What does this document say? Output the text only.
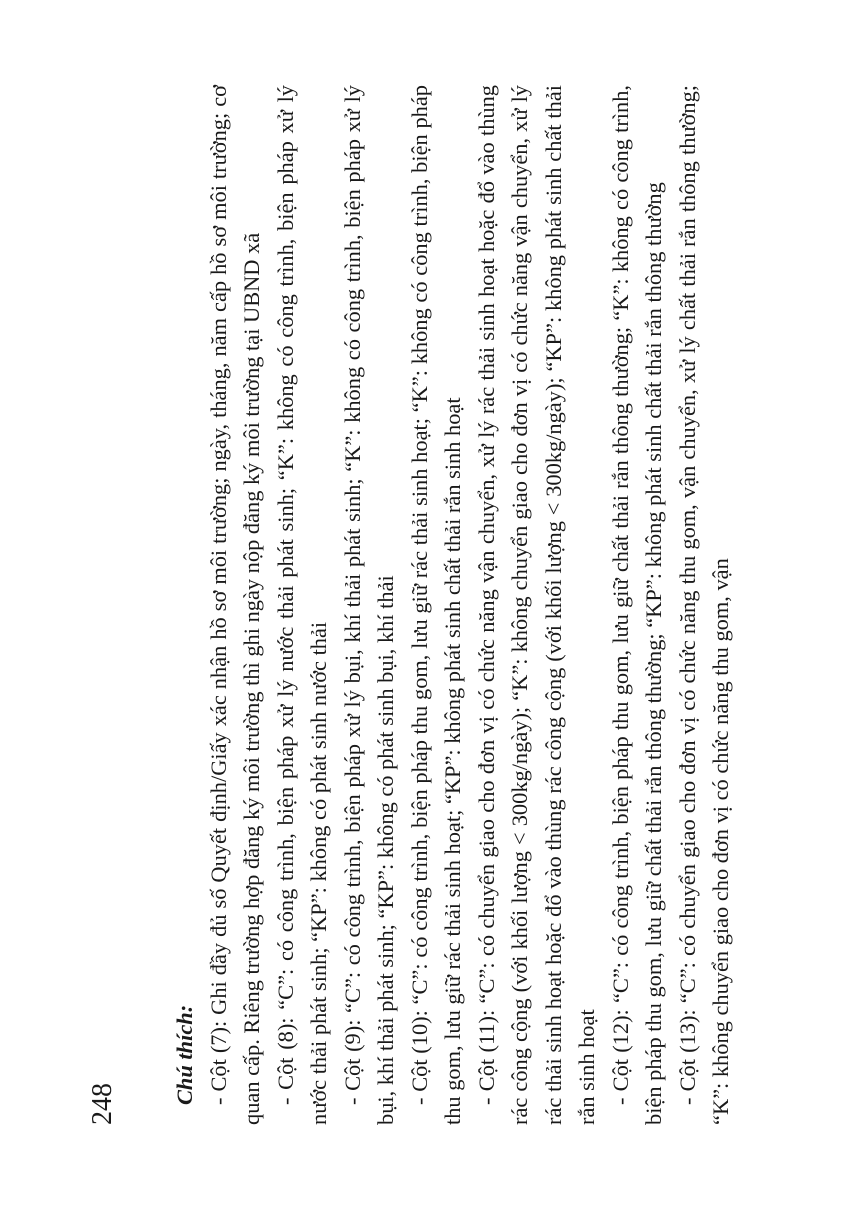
248 Chú thích: - Cột (7): Ghi đầy đủ số Quyết định/Giấy xác nhận hồ sơ môi trường; ngày, tháng, năm cấp hồ sơ môi trường; cơ quan cấp. Riêng trường hợp đăng ký môi trường thì ghi ngày nộp đăng ký môi trường tại UBND xã - Cột (8): “C”: có công trình, biện pháp xử lý nước thải phát sinh; “K”: không có công trình, biện pháp xử lý nước thải phát sinh; “KP”: không có phát sinh nước thải - Cột (9): “C”: có công trình, biện pháp xử lý bụi, khí thải phát sinh; “K”: không có công trình, biện pháp xử lý bụi, khí thải phát sinh; “KP”: không có phát sinh bụi, khí thải - Cột (10): “C”: có công trình, biện pháp thu gom, lưu giữ rác thải sinh hoạt; “K”: không có công trình, biện pháp thu gom, lưu giữ rác thải sinh hoạt; “KP”: không phát sinh chất thải rắn sinh hoạt - Cột (11): “C”: có chuyển giao cho đơn vị có chức năng vận chuyển, xử lý rác thải sinh hoạt hoặc đổ vào thùng rác công cộng (với khối lượng < 300kg/ngày); “K”: không chuyển giao cho đơn vị có chức năng vận chuyển, xử lý rác thải sinh hoạt hoặc đổ vào thùng rác công cộng (với khối lượng < 300kg/ngày); “KP”: không phát sinh chất thải rắn sinh hoạt - Cột (12): “C”: có công trình, biện pháp thu gom, lưu giữ chất thải rắn thông thường; “K”: không có công trình, biện pháp thu gom, lưu giữ chất thải rắn thông thường; “KP”: không phát sinh chất thải rắn thông thường - Cột (13): “C”: có chuyển giao cho đơn vị có chức năng thu gom, vận chuyển, xử lý chất thải rắn thông thường; “K”: không chuyển giao cho đơn vị có chức năng thu gom, vận
